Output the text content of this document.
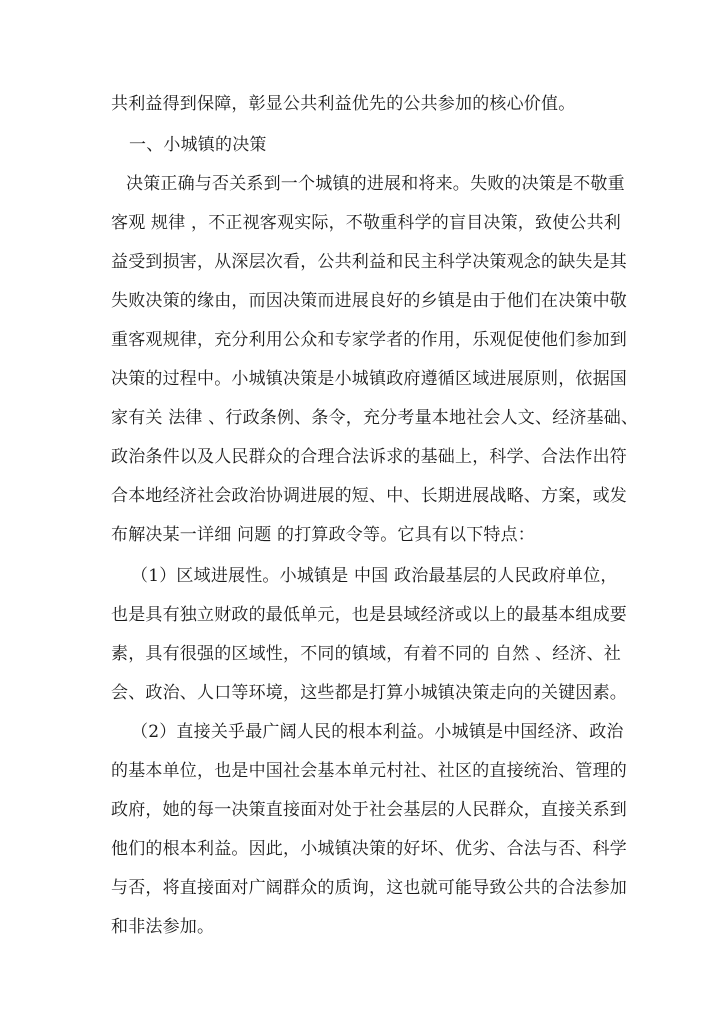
共利益得到保障，彰显公共利益优先的公共参加的核心价值。
一、小城镇的决策
决策正确与否关系到一个城镇的进展和将来。失败的决策是不敬重
客观 规律 ，不正视客观实际，不敬重科学的盲目决策，致使公共利
益受到损害，从深层次看，公共利益和民主科学决策观念的缺失是其
失败决策的缘由，而因决策而进展良好的乡镇是由于他们在决策中敬
重客观规律，充分利用公众和专家学者的作用，乐观促使他们参加到
决策的过程中。小城镇决策是小城镇政府遵循区域进展原则，依据国
家有关 法律 、行政条例、条令，充分考量本地社会人文、经济基础、
政治条件以及人民群众的合理合法诉求的基础上，科学、合法作出符
合本地经济社会政治协调进展的短、中、长期进展战略、方案，或发
布解决某一详细 问题 的打算政令等。它具有以下特点：
（1）区域进展性。小城镇是 中国 政治最基层的人民政府单位，
也是具有独立财政的最低单元，也是县域经济或以上的最基本组成要
素，具有很强的区域性，不同的镇域，有着不同的 自然 、经济、社
会、政治、人口等环境，这些都是打算小城镇决策走向的关键因素。
（2）直接关乎最广阔人民的根本利益。小城镇是中国经济、政治
的基本单位，也是中国社会基本单元村社、社区的直接统治、管理的
政府，她的每一决策直接面对处于社会基层的人民群众，直接关系到
他们的根本利益。因此，小城镇决策的好坏、优劣、合法与否、科学
与否，将直接面对广阔群众的质询，这也就可能导致公共的合法参加
和非法参加。
